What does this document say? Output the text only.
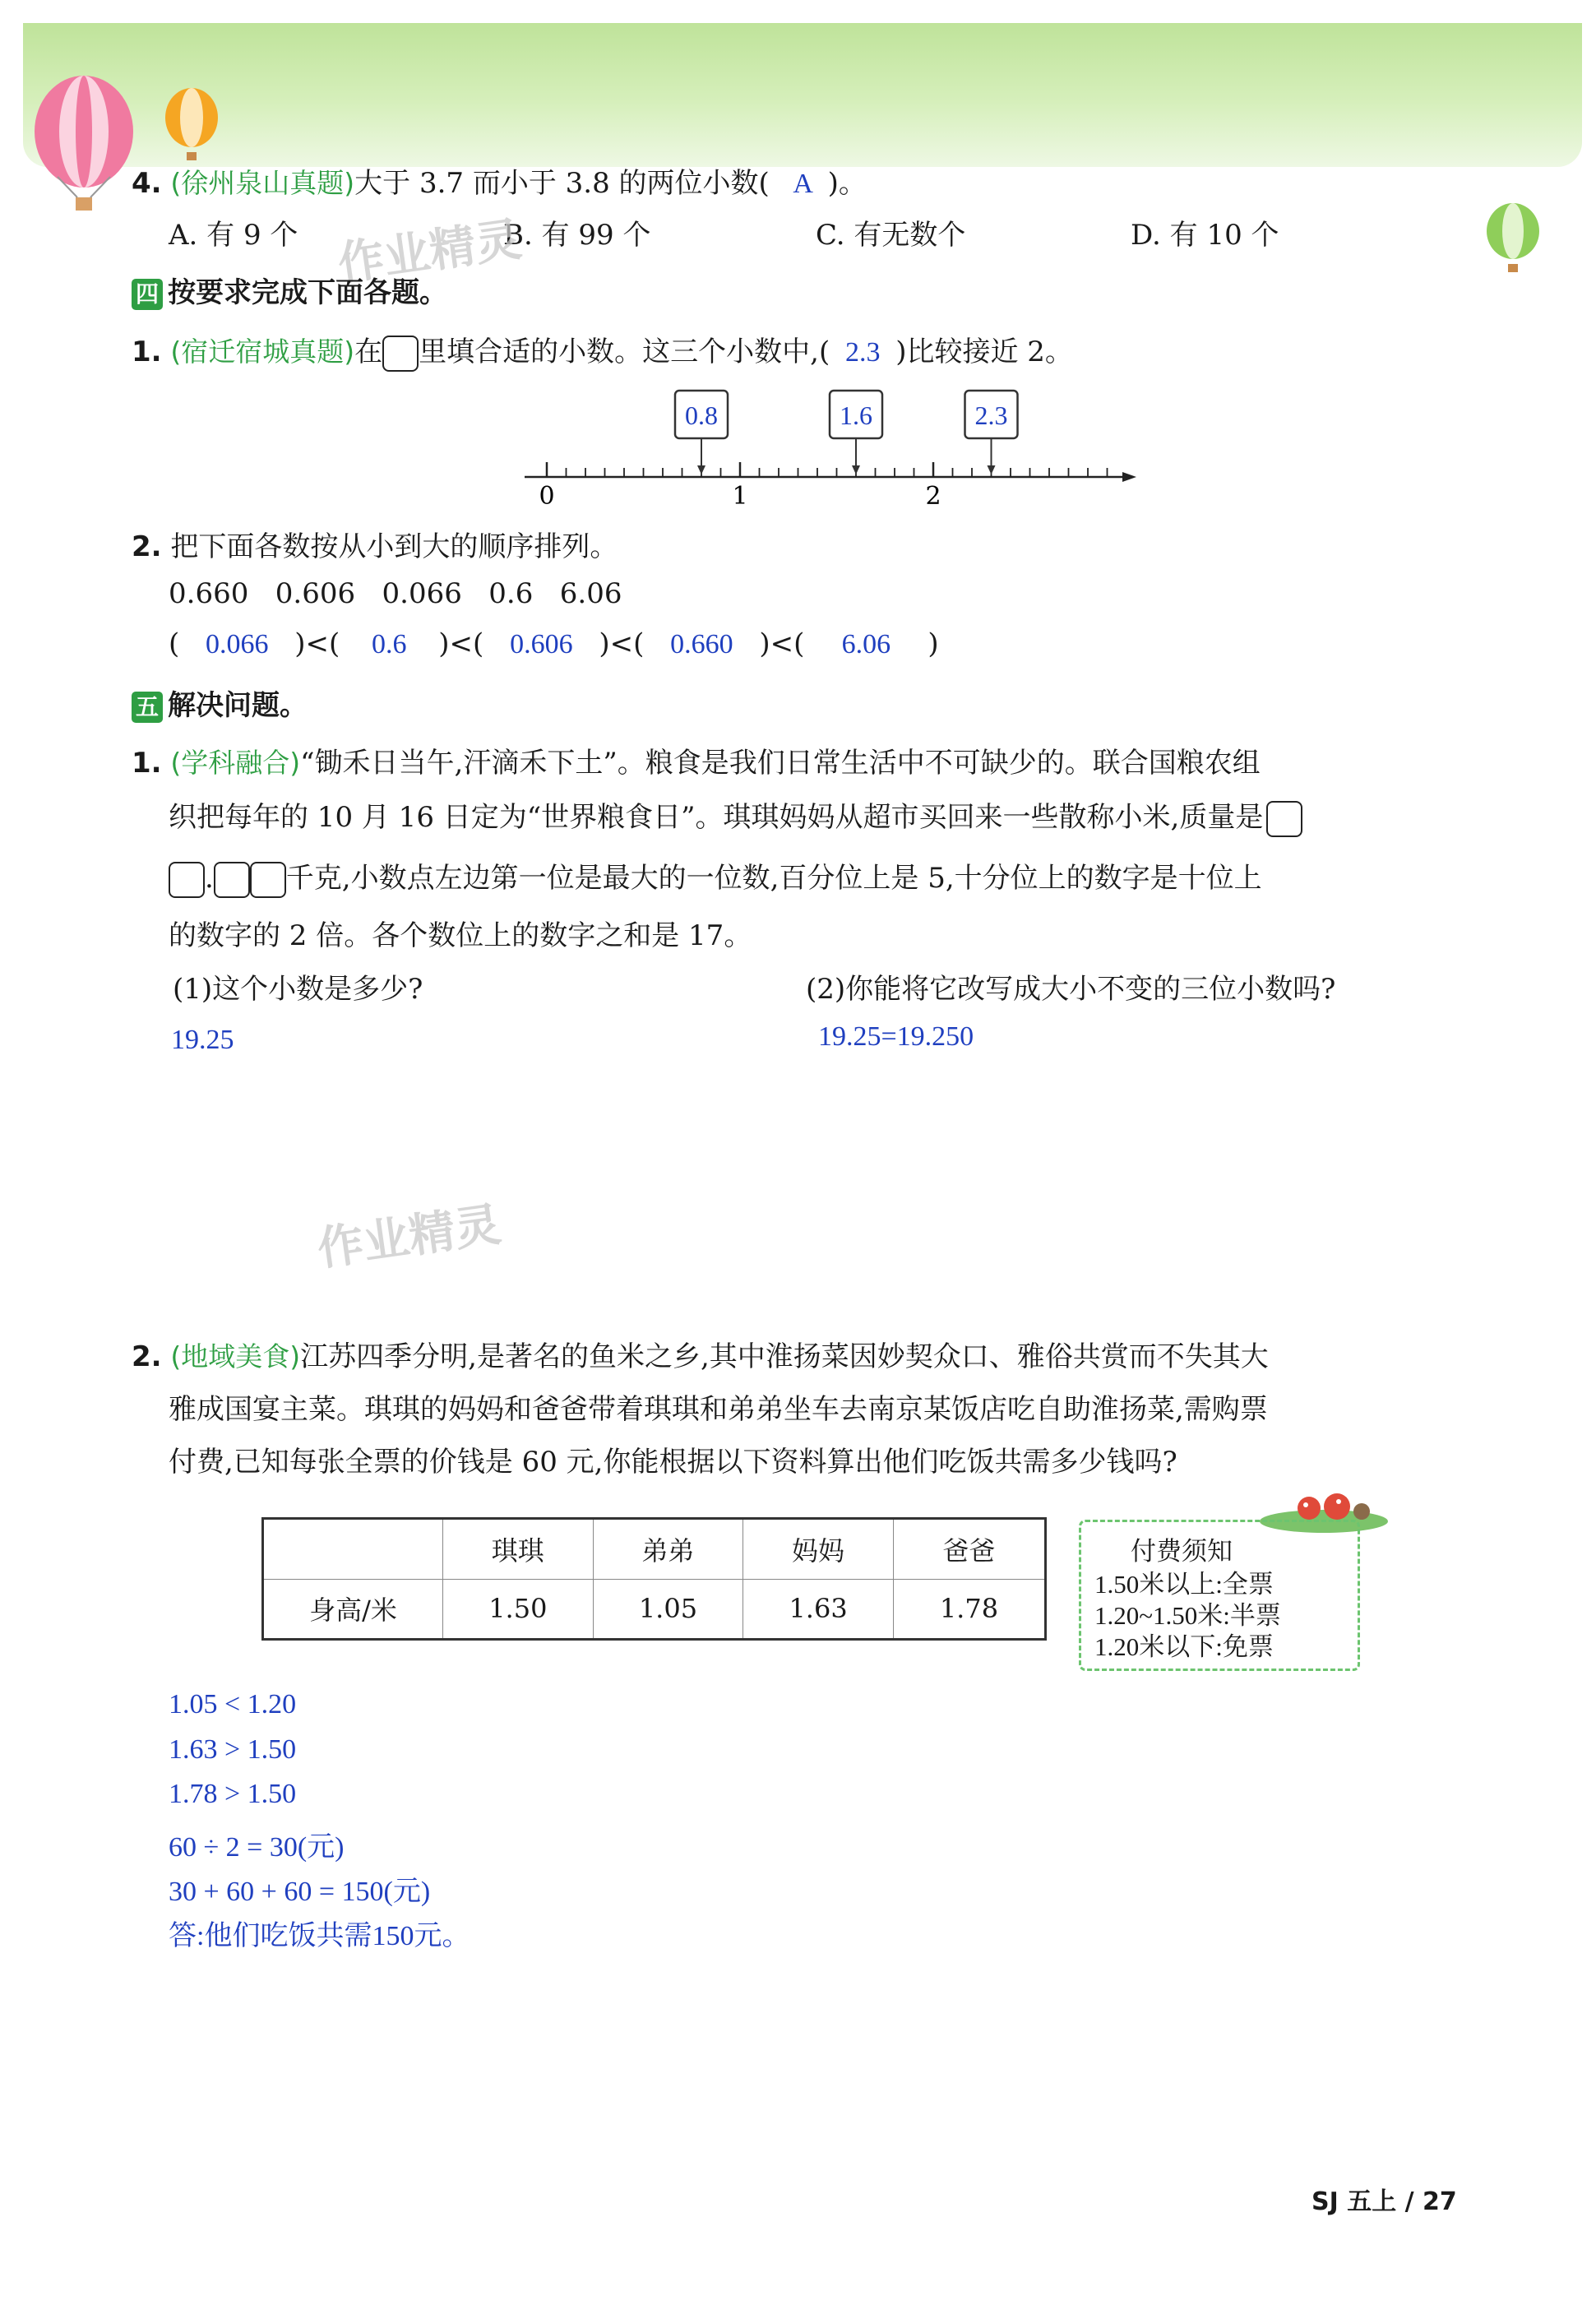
4. (徐州泉山真题)大于 3.7 而小于 3.8 的两位小数( A )。
A. 有 9 个	B. 有 99 个	C. 有无数个	D. 有 10 个
作业精灵
四 按要求完成下面各题。
1. (宿迁宿城真题)在 里填合适的小数。这三个小数中,( 2.3 )比较接近 2。
0.8	1.6	2.3
0	1	2
2. 把下面各数按从小到大的顺序排列。
0.660   0.606   0.066   0.6   6.06
( 0.066 )<( 0.6 )<( 0.606 )<( 0.660 )<( 6.06 )
五 解决问题。
1. (学科融合)“锄禾日当午,汗滴禾下土”。粮食是我们日常生活中不可缺少的。联合国粮农组
织把每年的 10 月 16 日定为“世界粮食日”。琪琪妈妈从超市买回来一些散称小米,质量是
.	千克,小数点左边第一位是最大的一位数,百分位上是 5,十分位上的数字是十位上
的数字的 2 倍。各个数位上的数字之和是 17。
(1)这个小数是多少?	(2)你能将它改写成大小不变的三位小数吗?
19.25	19.25=19.250
作业精灵
2. (地域美食)江苏四季分明,是著名的鱼米之乡,其中淮扬菜因妙契众口、雅俗共赏而不失其大
雅成国宴主菜。琪琪的妈妈和爸爸带着琪琪和弟弟坐车去南京某饭店吃自助淮扬菜,需购票
付费,已知每张全票的价钱是 60 元,你能根据以下资料算出他们吃饭共需多少钱吗?
	琪琪	弟弟	妈妈	爸爸
身高/米	1.50	1.05	1.63	1.78
付费须知
1.50米以上:全票
1.20~1.50米:半票
1.20米以下:免票
1.05 < 1.20
1.63 > 1.50
1.78 > 1.50
60 ÷ 2 = 30(元)
30 + 60 + 60 = 150(元)
答:他们吃饭共需150元。
SJ 五上 / 27
